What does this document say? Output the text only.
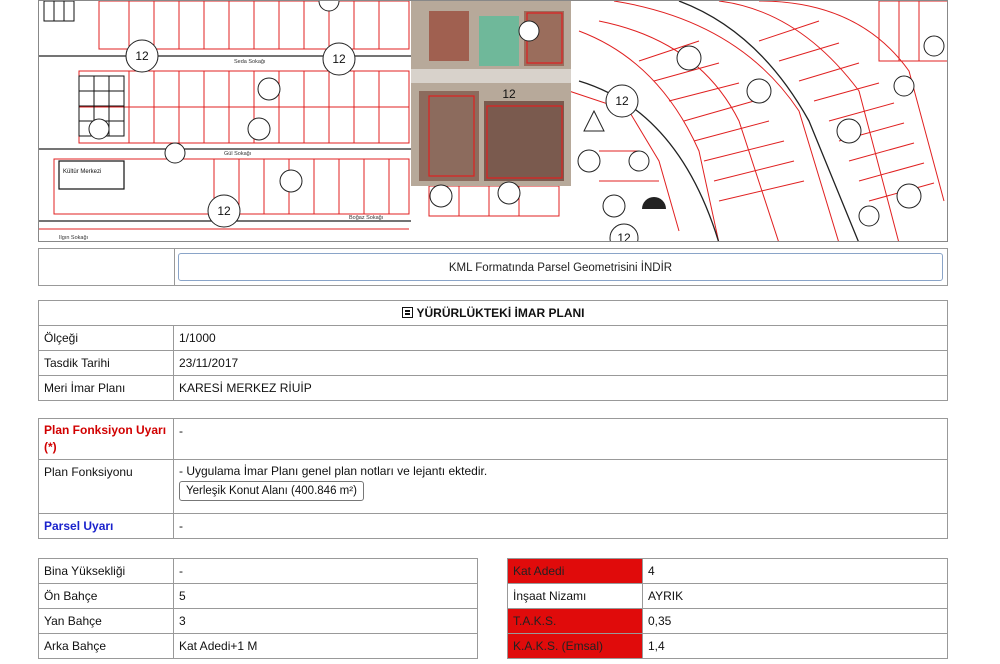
Kültür Merkezi
12	12
12
12
12
12
Seda Sokağı
Gül Sokağı
Boğaz Sokağı
Ilgın Sokağı
KML Formatında Parsel Geometrisini İNDİR
YÜRÜRLÜKTEKİ İMAR PLANI	
Ölçeği	1/1000
Tasdik Tarihi	23/11/2017
Meri İmar Planı	KARESİ MERKEZ RİUİP
Plan Fonksiyon Uyarı (*)	-
Plan Fonksiyonu	- Uygulama İmar Planı genel plan notları ve lejantı ektedir.
Yerleşik Konut Alanı (400.846 m²)
Parsel Uyarı	-
Bina Yüksekliği	-
Ön Bahçe	5
Yan Bahçe	3
Arka Bahçe	Kat Adedi+1 M
Kat Adedi	4
İnşaat Nizamı	AYRIK
T.A.K.S.	0,35
K.A.K.S. (Emsal)	1,4
